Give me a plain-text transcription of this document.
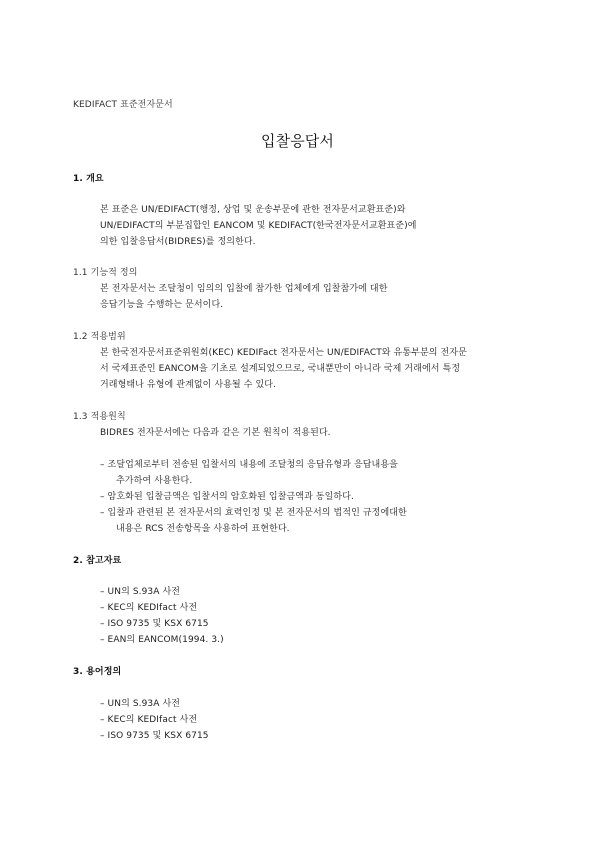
KEDIFACT 표준전자문서
입찰응답서
1. 개요
본 표준은 UN/EDIFACT(행정, 상업 및 운송부문에 관한 전자문서교환표준)와
UN/EDIFACT의 부분집합인 EANCOM 및 KEDIFACT(한국전자문서교환표준)에
의한 입찰응답서(BIDRES)를 정의한다.
1.1 기능적 정의
본 전자문서는 조달청이 임의의 입찰에 참가한 업체에게 입찰참가에 대한
응답기능을 수행하는 문서이다.
1.2 적용범위
본 한국전자문서표준위원회(KEC) KEDIFact 전자문서는 UN/EDIFACT와 유통부분의 전자문
서 국제표준인 EANCOM을 기초로 설계되었으므로, 국내뿐만이 아니라 국제 거래에서 특정
거래형태나 유형에 관계없이 사용될 수 있다.
1.3 적용원칙
BIDRES 전자문서에는 다음과 같은 기본 원칙이 적용된다.
– 조달업체로부터 전송된 입찰서의 내용에 조달청의 응답유형과 응답내용을
추가하여 사용한다.
– 암호화된 입찰금액은 입찰서의 암호화된 입찰금액과 동일하다.
– 입찰과 관련된 본 전자문서의 효력인정 및 본 전자문서의 법적인 규정에대한
내용은 RCS 전송항목을 사용하여 표현한다.
2. 참고자료
– UN의 S.93A 사전
– KEC의 KEDIfact 사전
– ISO 9735 및 KSX 6715
– EAN의 EANCOM(1994. 3.)
3. 용어정의
– UN의 S.93A 사전
– KEC의 KEDIfact 사전
– ISO 9735 및 KSX 6715
